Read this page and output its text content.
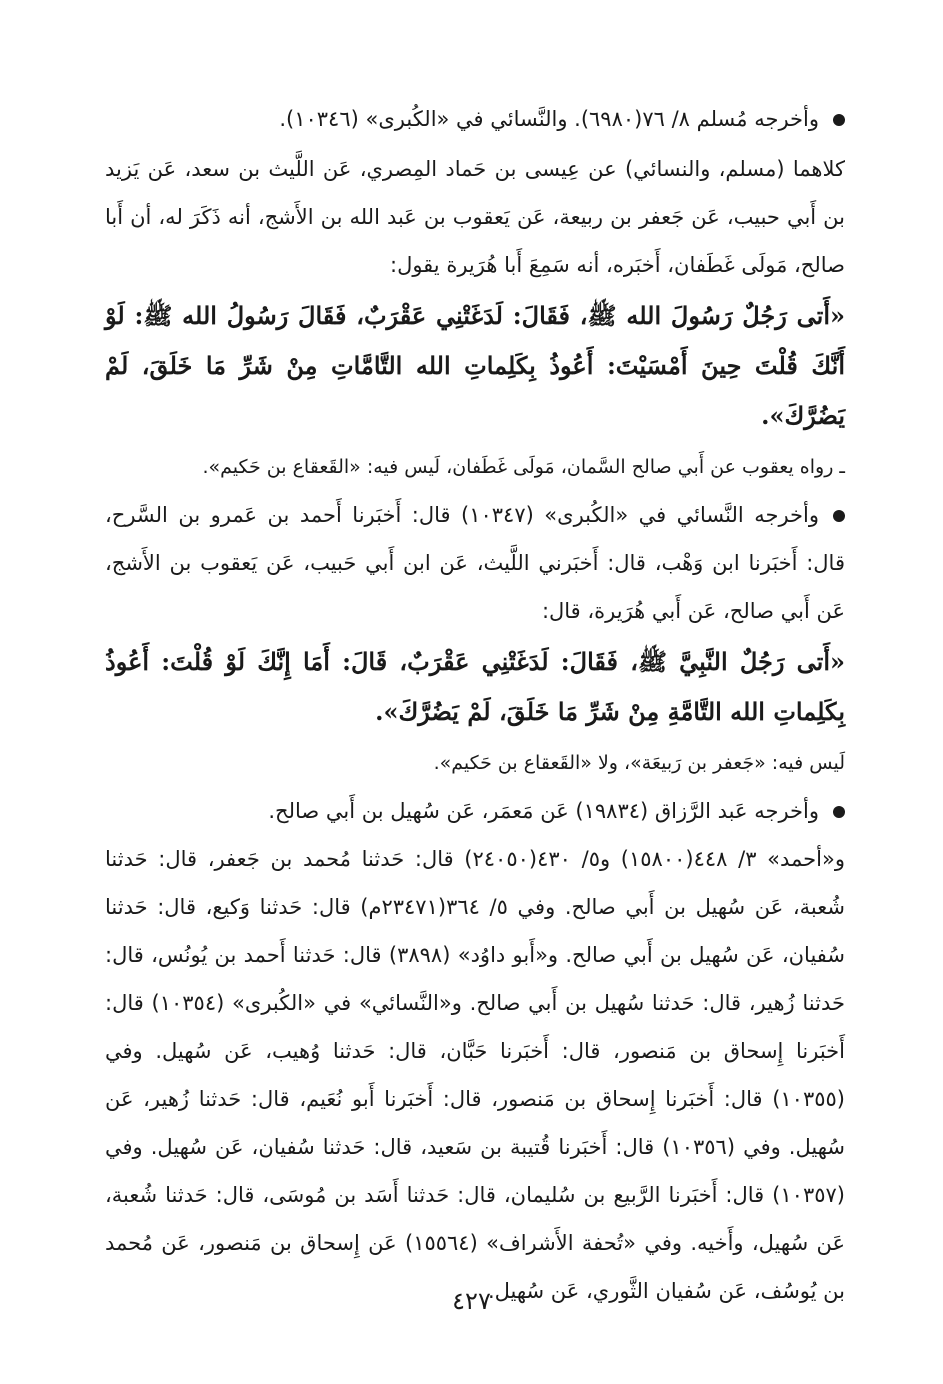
وأخرجه مُسلم ٨/ ٧٦(٦٩٨٠). والنَّسائي في «الكُبرى» (١٠٣٤٦).

كلاهما (مسلم، والنسائي) عن عِيسى بن حَماد المِصري، عَن اللَّيث بن سعد، عَن يَزيد بن أَبي حبيب، عَن جَعفر بن ربيعة، عَن يَعقوب بن عَبد الله بن الأَشج، أنه ذَكَرَ له، أن أَبا صالح، مَولَى غَطَفان، أَخبَره، أنه سَمِعَ أَبا هُرَيرة يقول:

«أَتى رَجُلٌ رَسُولَ الله ﷺ، فَقَالَ: لَدَغَتْنِي عَقْرَبٌ، فَقَالَ رَسُولُ الله ﷺ: لَوْ أَنَّكَ قُلْتَ حِينَ أَمْسَيْتَ: أَعُوذُ بِكَلِماتِ الله التَّامَّاتِ مِنْ شَرِّ مَا خَلَقَ، لَمْ يَضُرَّكَ».

ـ رواه يعقوب عن أَبي صالح السَّمان، مَولَى غَطَفان، لَيس فيه: «القَعقاع بن حَكيم».

وأخرجه النَّسائي في «الكُبرى» (١٠٣٤٧) قال: أَخبَرنا أَحمد بن عَمرو بن السَّرح، قال: أَخبَرنا ابن وَهْب، قال: أَخبَرني اللَّيث، عَن ابن أَبي حَبيب، عَن يَعقوب بن الأَشج، عَن أَبي صالح، عَن أَبي هُرَيرة، قال:

«أَتى رَجُلٌ النَّبِيَّ ﷺ، فَقَالَ: لَدَغَتْنِي عَقْرَبٌ، قَالَ: أَمَا إِنَّكَ لَوْ قُلْتَ: أَعُوذُ بِكَلِماتِ الله التَّامَّةِ مِنْ شَرِّ مَا خَلَقَ، لَمْ يَضُرَّكَ».

لَيس فيه: «جَعفر بن رَبيعَة»، ولا «القَعقاع بن حَكيم».

وأخرجه عَبد الرَّزاق (١٩٨٣٤) عَن مَعمَر، عَن سُهيل بن أَبي صالح.

و«أحمد» ٣/ ٤٤٨(١٥٨٠٠) و٥/ ٤٣٠(٢٤٠٥٠) قال: حَدثنا مُحمد بن جَعفر، قال: حَدثنا شُعبة، عَن سُهيل بن أَبي صالح. وفي ٥/ ٣٦٤(٢٣٤٧١م) قال: حَدثنا وَكيع، قال: حَدثنا سُفيان، عَن سُهيل بن أَبي صالح. و«أَبو داوُد» (٣٨٩٨) قال: حَدثنا أَحمد بن يُونُس، قال: حَدثنا زُهير، قال: حَدثنا سُهيل بن أَبي صالح. و«النَّسائي» في «الكُبرى» (١٠٣٥٤) قال: أَخبَرنا إِسحاق بن مَنصور، قال: أَخبَرنا حَبَّان، قال: حَدثنا وُهيب، عَن سُهيل. وفي (١٠٣٥٥) قال: أَخبَرنا إِسحاق بن مَنصور، قال: أَخبَرنا أَبو نُعَيم، قال: حَدثنا زُهير، عَن سُهيل. وفي (١٠٣٥٦) قال: أَخبَرنا قُتيبة بن سَعيد، قال: حَدثنا سُفيان، عَن سُهيل. وفي (١٠٣٥٧) قال: أَخبَرنا الرَّبيع بن سُليمان، قال: حَدثنا أَسَد بن مُوسَى، قال: حَدثنا شُعبة، عَن سُهيل، وأَخيه. وفي «تُحفة الأَشراف» (١٥٥٦٤) عَن إِسحاق بن مَنصور، عَن مُحمد بن يُوسُف، عَن سُفيان الثَّوري، عَن سُهيل.

٤٢٧
